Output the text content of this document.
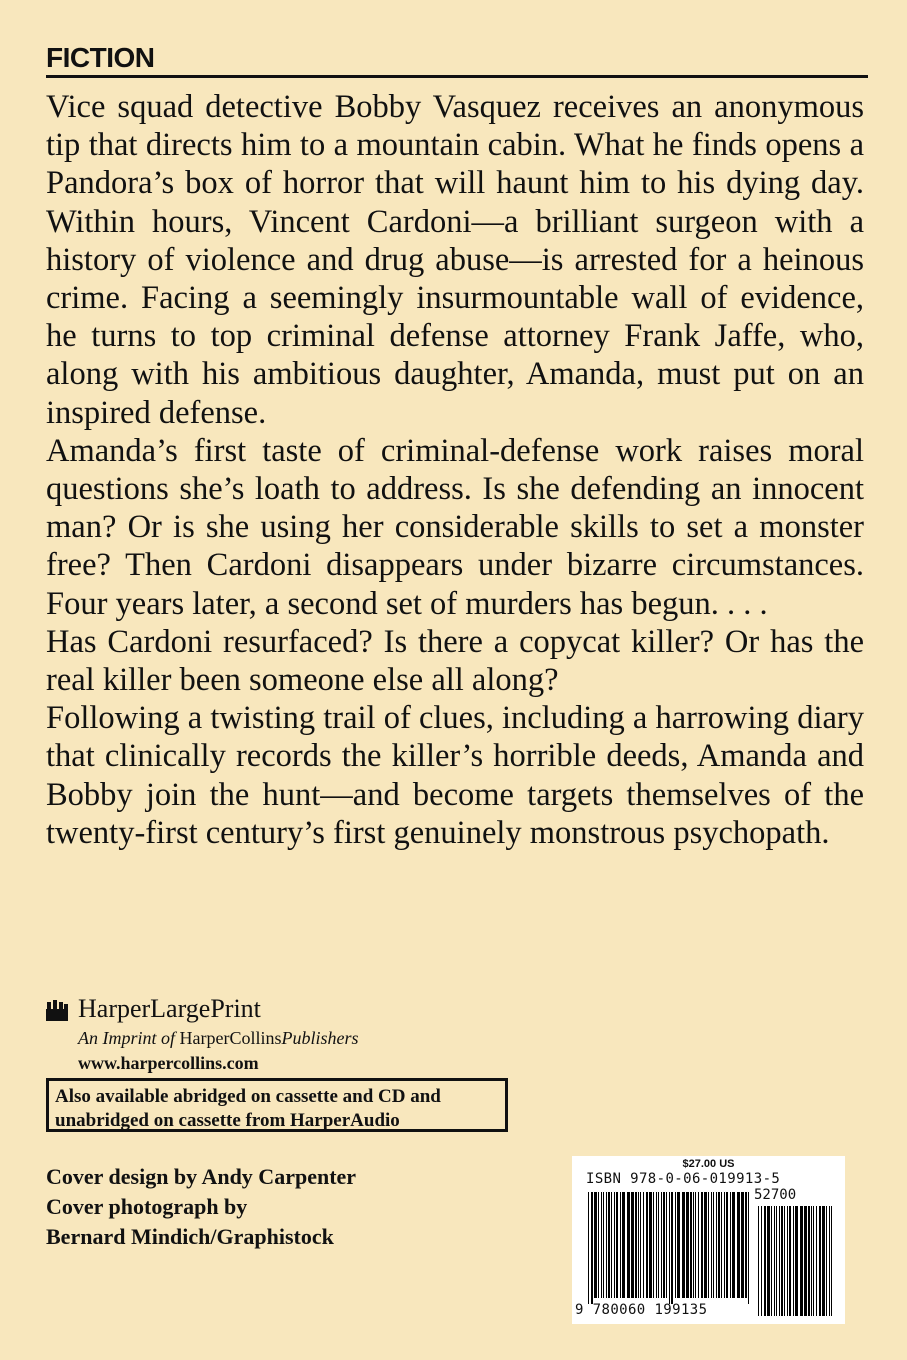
FICTION

Vice squad detective Bobby Vasquez receives an anonymous tip that directs him to a mountain cabin. What he finds opens a Pandora’s box of horror that will haunt him to his dying day. Within hours, Vincent Cardoni—a brilliant surgeon with a history of violence and drug abuse—is arrested for a heinous crime. Facing a seemingly insurmountable wall of evidence, he turns to top criminal defense attorney Frank Jaffe, who, along with his ambitious daughter, Amanda, must put on an inspired defense.

Amanda’s first taste of criminal-defense work raises moral questions she’s loath to address. Is she defending an innocent man? Or is she using her considerable skills to set a monster free? Then Cardoni disappears under bizarre circumstances. Four years later, a second set of murders has begun. . . .

Has Cardoni resurfaced? Is there a copycat killer? Or has the real killer been someone else all along?

Following a twisting trail of clues, including a harrowing diary that clinically records the killer’s horrible deeds, Amanda and Bobby join the hunt—and become targets themselves of the twenty-first century’s first genuinely monstrous psychopath.

HarperLargePrint
An Imprint of HarperCollinsPublishers
www.harpercollins.com
Also available abridged on cassette and CD and
unabridged on cassette from HarperAudio
Cover design by Andy Carpenter
Cover photograph by
Bernard Mindich/Graphistock
$27.00 US
ISBN 978-0-06-019913-5
52700
9 780060 199135
